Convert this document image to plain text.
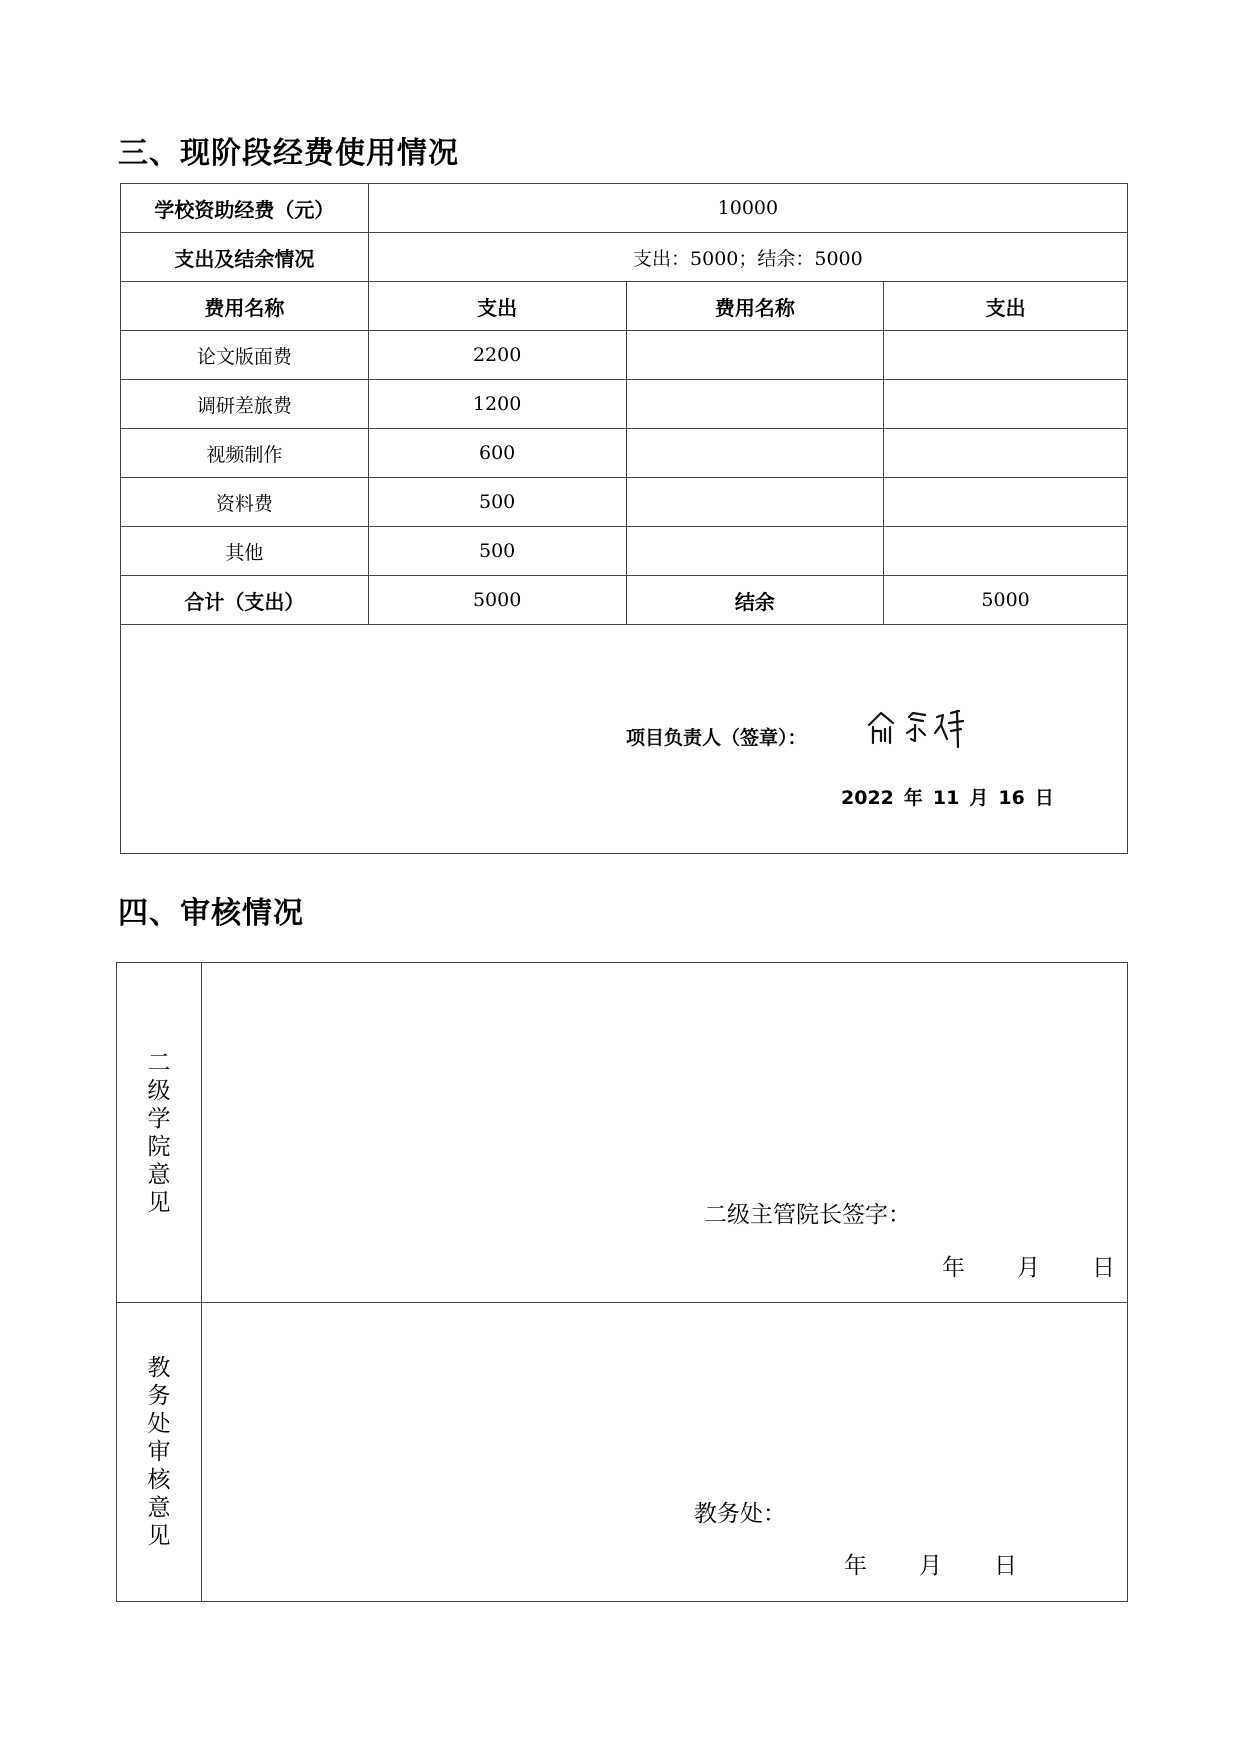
三、现阶段经费使用情况
学校资助经费（元）	10000		
支出及结余情况	支出：5000；结余：5000		
费用名称	支出	费用名称	支出
论文版面费	2200		
调研差旅费	1200		
视频制作	600		
资料费	500		
其他	500		
合计（支出）	5000	结余	5000

项目负责人（签章）：
2022 年 11 月 16 日			
四、审核情况
二级学院意见	二级主管院长签字：
年 月 日

教务处审核意见	教务处：
年 月 日
